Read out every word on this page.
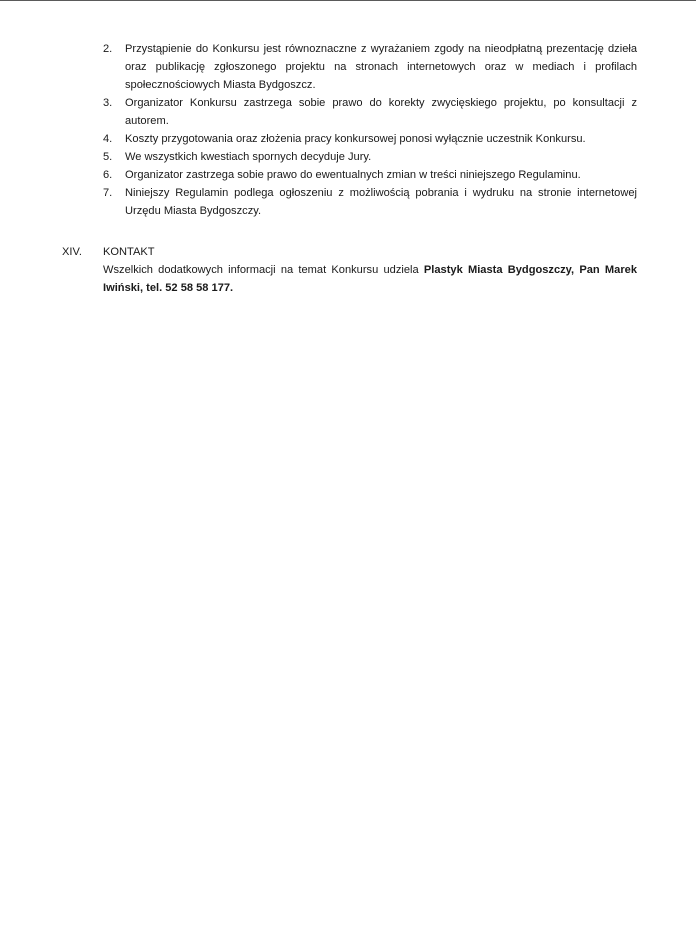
2.	Przystąpienie do Konkursu jest równoznaczne z wyrażaniem zgody na nieodpłatną prezentację dzieła oraz publikację zgłoszonego projektu na stronach internetowych oraz w mediach i profilach społecznościowych Miasta Bydgoszcz.
3.	Organizator Konkursu zastrzega sobie prawo do korekty zwycięskiego projektu, po konsultacji z autorem.
4.	Koszty przygotowania oraz złożenia pracy konkursowej ponosi wyłącznie uczestnik Konkursu.
5.	We wszystkich kwestiach spornych decyduje Jury.
6.	Organizator zastrzega sobie prawo do ewentualnych zmian w treści niniejszego Regulaminu.
7.	Niniejszy Regulamin podlega ogłoszeniu z możliwością pobrania i wydruku na stronie internetowej Urzędu Miasta Bydgoszczy.
XIV. KONTAKT
Wszelkich dodatkowych informacji na temat Konkursu udziela Plastyk Miasta Bydgoszczy, Pan Marek Iwiński, tel. 52 58 58 177.
